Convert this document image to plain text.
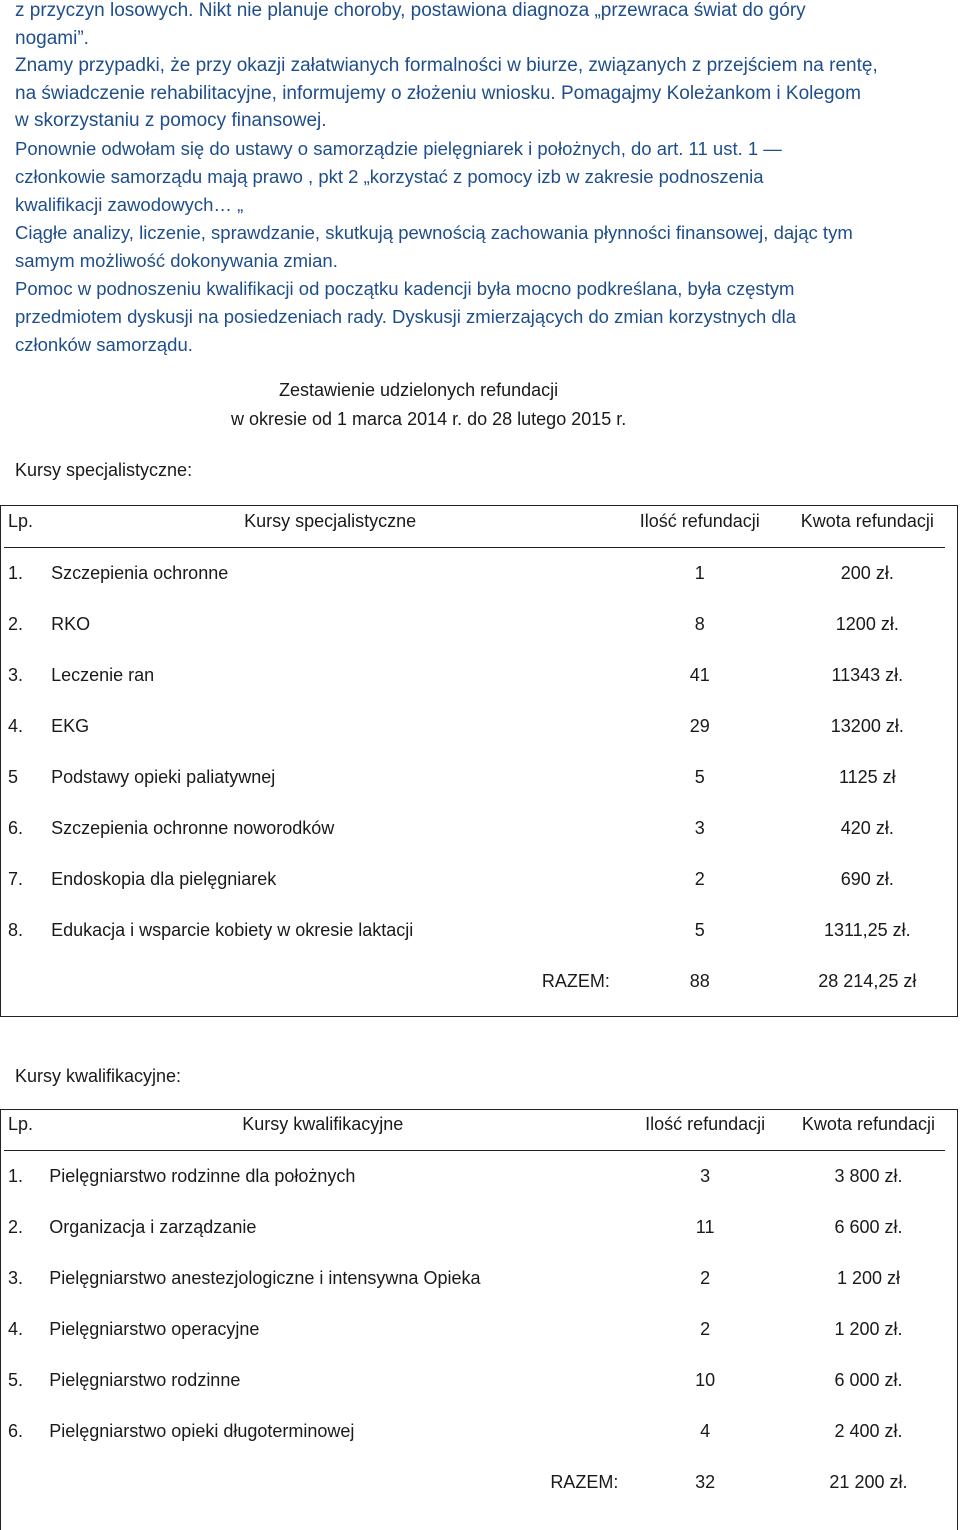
z przyczyn losowych. Nikt nie planuje choroby, postawiona diagnoza „przewraca świat do góry

nogami”.

Znamy przypadki, że przy okazji załatwianych formalności w biurze, związanych z przejściem na rentę,

na świadczenie rehabilitacyjne, informujemy o złożeniu wniosku. Pomagajmy Koleżankom i Kolegom

w skorzystaniu z pomocy finansowej.

Ponownie odwołam się do ustawy o samorządzie pielęgniarek i położnych, do art. 11 ust. 1 —

członkowie samorządu mają prawo , pkt 2 „korzystać z pomocy izb w zakresie podnoszenia

kwalifikacji zawodowych… „

Ciągłe analizy, liczenie, sprawdzanie, skutkują pewnością zachowania płynności finansowej, dając tym

samym możliwość dokonywania zmian.

Pomoc w podnoszeniu kwalifikacji od początku kadencji była mocno podkreślana, była częstym

przedmiotem dyskusji na posiedzeniach rady. Dyskusji zmierzających do zmian korzystnych dla

członków samorządu.

Zestawienie udzielonych refundacji
w okresie od 1 marca 2014 r. do 28 lutego 2015 r.
Kursy specjalistyczne:
Lp.	Kursy specjalistyczne	Ilość refundacji	Kwota refundacji
1.	Szczepienia ochronne	1	200 zł.
2.	RKO	8	1200 zł.
3.	Leczenie ran	41	11343 zł.
4.	EKG	29	13200 zł.
5	Podstawy opieki paliatywnej	5	1125 zł
6.	Szczepienia ochronne noworodków	3	420 zł.
7.	Endoskopia dla pielęgniarek	2	690 zł.
8.	Edukacja i wsparcie kobiety w okresie laktacji	5	1311,25 zł.
	RAZEM:	88	28 214,25 zł
Kursy kwalifikacyjne:
Lp.	Kursy kwalifikacyjne	Ilość refundacji	Kwota refundacji
1.	Pielęgniarstwo rodzinne dla położnych	3	3 800 zł.
2.	Organizacja i zarządzanie	11	6 600 zł.
3.	Pielęgniarstwo anestezjologiczne i intensywna Opieka	2	1 200 zł
4.	Pielęgniarstwo operacyjne	2	1 200 zł.
5.	Pielęgniarstwo rodzinne	10	6 000 zł.
6.	Pielęgniarstwo opieki długoterminowej	4	2 400 zł.
	RAZEM:	32	21 200 zł.
